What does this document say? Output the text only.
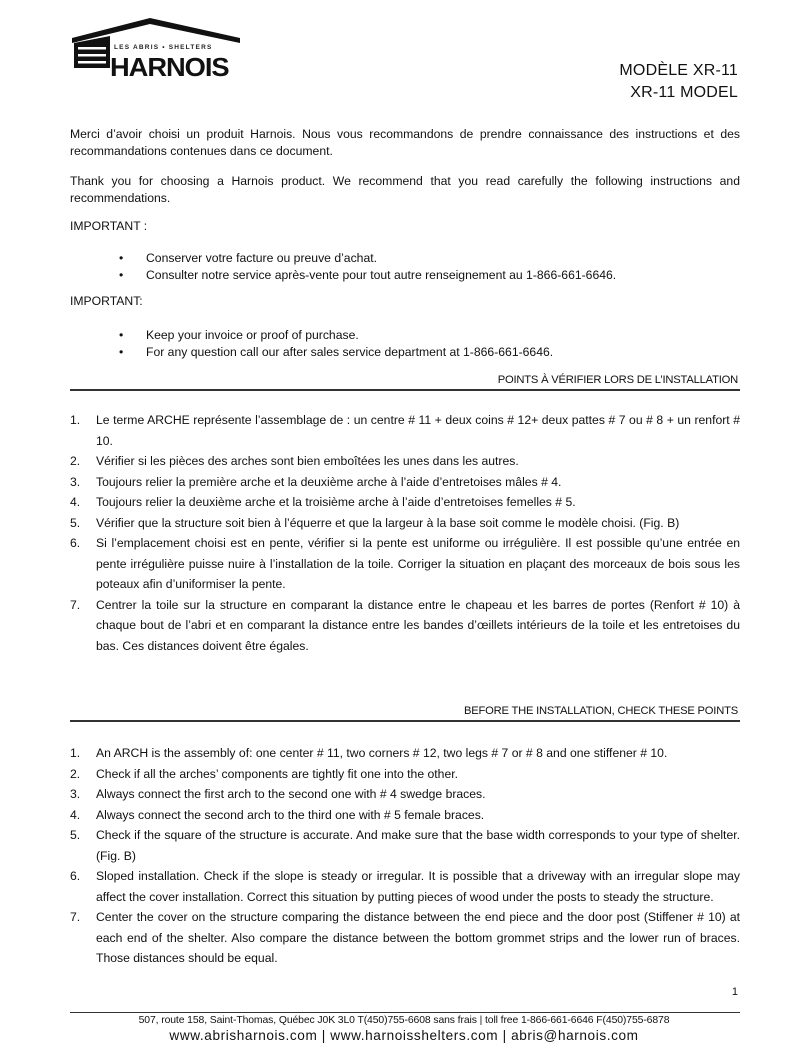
LES ABRIS • SHELTERS
HARNOIS	MODÈLE XR-11
XR-11 MODEL

Merci d’avoir choisi un produit Harnois. Nous vous recommandons de prendre connaissance des instructions et des recommandations contenues dans ce document.

Thank you for choosing a Harnois product. We recommend that you read carefully the following instructions and recommendations.

IMPORTANT :

• Conserver votre facture ou preuve d’achat.
• Consulter notre service après-vente pour tout autre renseignement au 1-866-661-6646.

IMPORTANT:

• Keep your invoice or proof of purchase.
• For any question call our after sales service department at 1-866-661-6646.
POINTS À VÉRIFIER LORS DE L’INSTALLATION
1. Le terme ARCHE représente l’assemblage de : un centre # 11 + deux coins # 12+ deux pattes # 7 ou # 8 + un renfort # 10.
2. Vérifier si les pièces des arches sont bien emboîtées les unes dans les autres.
3. Toujours relier la première arche et la deuxième arche à l’aide d’entretoises mâles # 4.
4. Toujours relier la deuxième arche et la troisième arche à l’aide d’entretoises femelles # 5.
5. Vérifier que la structure soit bien à l’équerre et que la largeur à la base soit comme le modèle choisi. (Fig. B)
6. Si l’emplacement choisi est en pente, vérifier si la pente est uniforme ou irrégulière. Il est possible qu’une entrée en pente irrégulière puisse nuire à l’installation de la toile. Corriger la situation en plaçant des morceaux de bois sous les poteaux afin d’uniformiser la pente.
7. Centrer la toile sur la structure en comparant la distance entre le chapeau et les barres de portes (Renfort # 10) à chaque bout de l’abri et en comparant la distance entre les bandes d’œillets intérieurs de la toile et les entretoises du bas. Ces distances doivent être égales.
BEFORE THE INSTALLATION, CHECK THESE POINTS
1. An ARCH is the assembly of: one center # 11, two corners # 12, two legs # 7 or # 8 and one stiffener # 10.
2. Check if all the arches’ components are tightly fit one into the other.
3. Always connect the first arch to the second one with # 4 swedge braces.
4. Always connect the second arch to the third one with # 5 female braces.
5. Check if the square of the structure is accurate. And make sure that the base width corresponds to your type of shelter. (Fig. B)
6. Sloped installation. Check if the slope is steady or irregular. It is possible that a driveway with an irregular slope may affect the cover installation. Correct this situation by putting pieces of wood under the posts to steady the structure.
7. Center the cover on the structure comparing the distance between the end piece and the door post (Stiffener # 10) at each end of the shelter. Also compare the distance between the bottom grommet strips and the lower run of braces. Those distances should be equal.
1
507, route 158, Saint-Thomas, Québec J0K 3L0 T(450)755-6608 sans frais | toll free 1-866-661-6646 F(450)755-6878
www.abrisharnois.com | www.harnoisshelters.com | abris@harnois.com
